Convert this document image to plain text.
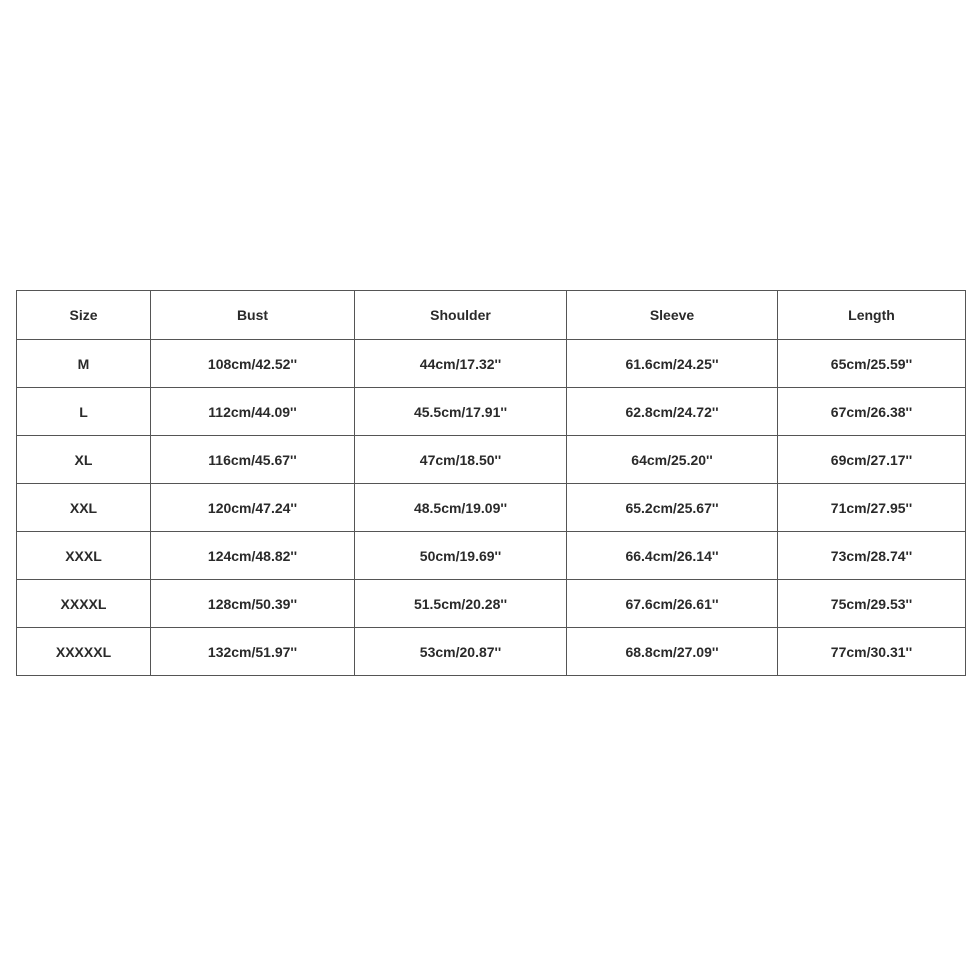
Size	Bust	Shoulder	Sleeve	Length
M	108cm/42.52''	44cm/17.32''	61.6cm/24.25''	65cm/25.59''
L	112cm/44.09''	45.5cm/17.91''	62.8cm/24.72''	67cm/26.38''
XL	116cm/45.67''	47cm/18.50''	64cm/25.20''	69cm/27.17''
XXL	120cm/47.24''	48.5cm/19.09''	65.2cm/25.67''	71cm/27.95''
XXXL	124cm/48.82''	50cm/19.69''	66.4cm/26.14''	73cm/28.74''
XXXXL	128cm/50.39''	51.5cm/20.28''	67.6cm/26.61''	75cm/29.53''
XXXXXL	132cm/51.97''	53cm/20.87''	68.8cm/27.09''	77cm/30.31''
